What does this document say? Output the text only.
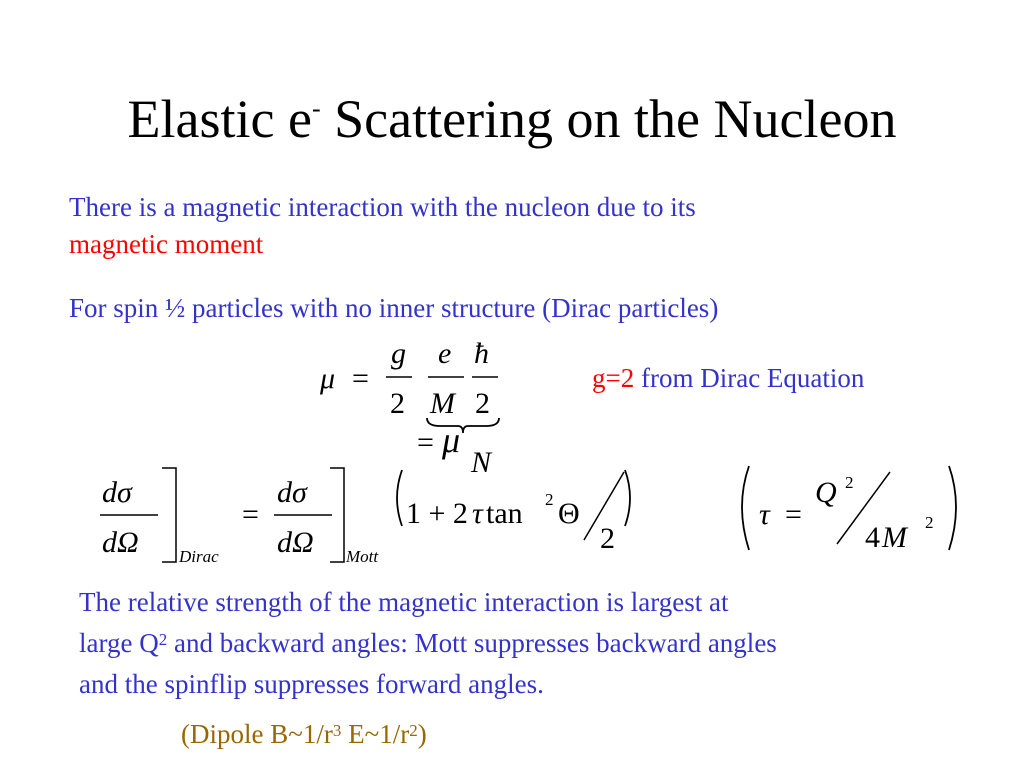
Elastic e- Scattering on the Nucleon
There is a magnetic interaction with the nucleon due to its
magnetic moment
For spin ½ particles with no inner structure (Dirac particles)
μ =
g
2
e
M
ħ
2
= μ
N
g=2 from Dirac Equation
dσ
dΩ Dirac
=
dσ
dΩ Mott
1 + 2 τ tan 2 Θ
2
τ =
Q 2
4 M 2
The relative strength of the magnetic interaction is largest at
large $Q^2$ and backward angles: Mott suppresses backward angles
and the spinflip suppresses forward angles.
(Dipole $B\sim 1/r^3$ $E\sim 1/r^2$)
